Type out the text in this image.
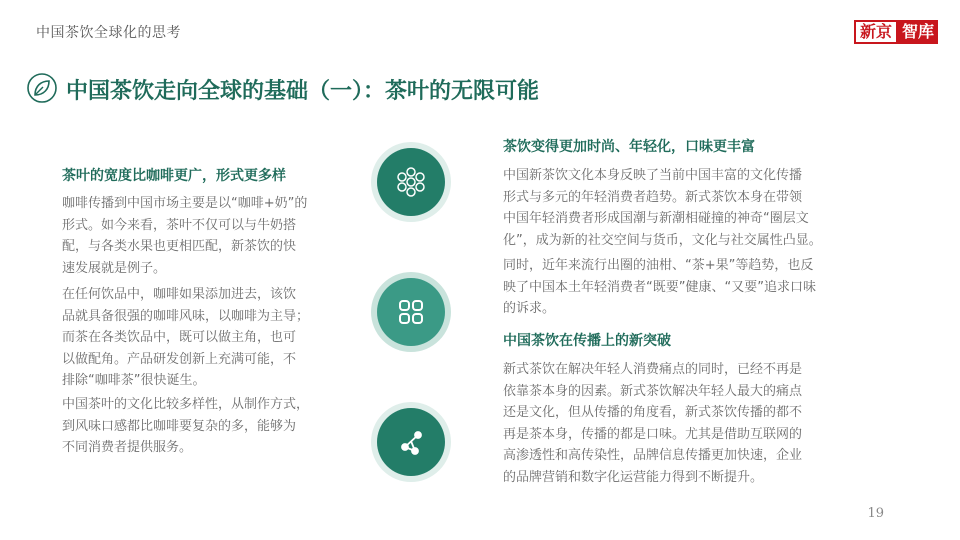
中国茶饮全球化的思考	新京 智库
中国茶饮走向全球的基础（一）：茶叶的无限可能
茶叶的宽度比咖啡更广，形式更多样
咖啡传播到中国市场主要是以“咖啡+奶”的
形式。如今来看，茶叶不仅可以与牛奶搭
配，与各类水果也更相匹配，新茶饮的快
速发展就是例子。
在任何饮品中，咖啡如果添加进去，该饮
品就具备很强的咖啡风味，以咖啡为主导；
而茶在各类饮品中，既可以做主角，也可
以做配角。产品研发创新上充满可能，不
排除“咖啡茶”很快诞生。
中国茶叶的文化比较多样性，从制作方式，
到风味口感都比咖啡要复杂的多，能够为
不同消费者提供服务。
茶饮变得更加时尚、年轻化，口味更丰富
中国新茶饮文化本身反映了当前中国丰富的文化传播
形式与多元的年轻消费者趋势。新式茶饮本身在带领
中国年轻消费者形成国潮与新潮相碰撞的神奇“圈层文
化”，成为新的社交空间与货币，文化与社交属性凸显。
同时，近年来流行出圈的油柑、“茶+果”等趋势，也反
映了中国本土年轻消费者“既要”健康、“又要”追求口味
的诉求。
中国茶饮在传播上的新突破
新式茶饮在解决年轻人消费痛点的同时，已经不再是
依靠茶本身的因素。新式茶饮解决年轻人最大的痛点
还是文化，但从传播的角度看，新式茶饮传播的都不
再是茶本身，传播的都是口味。尤其是借助互联网的
高渗透性和高传染性，品牌信息传播更加快速，企业
的品牌营销和数字化运营能力得到不断提升。
19
